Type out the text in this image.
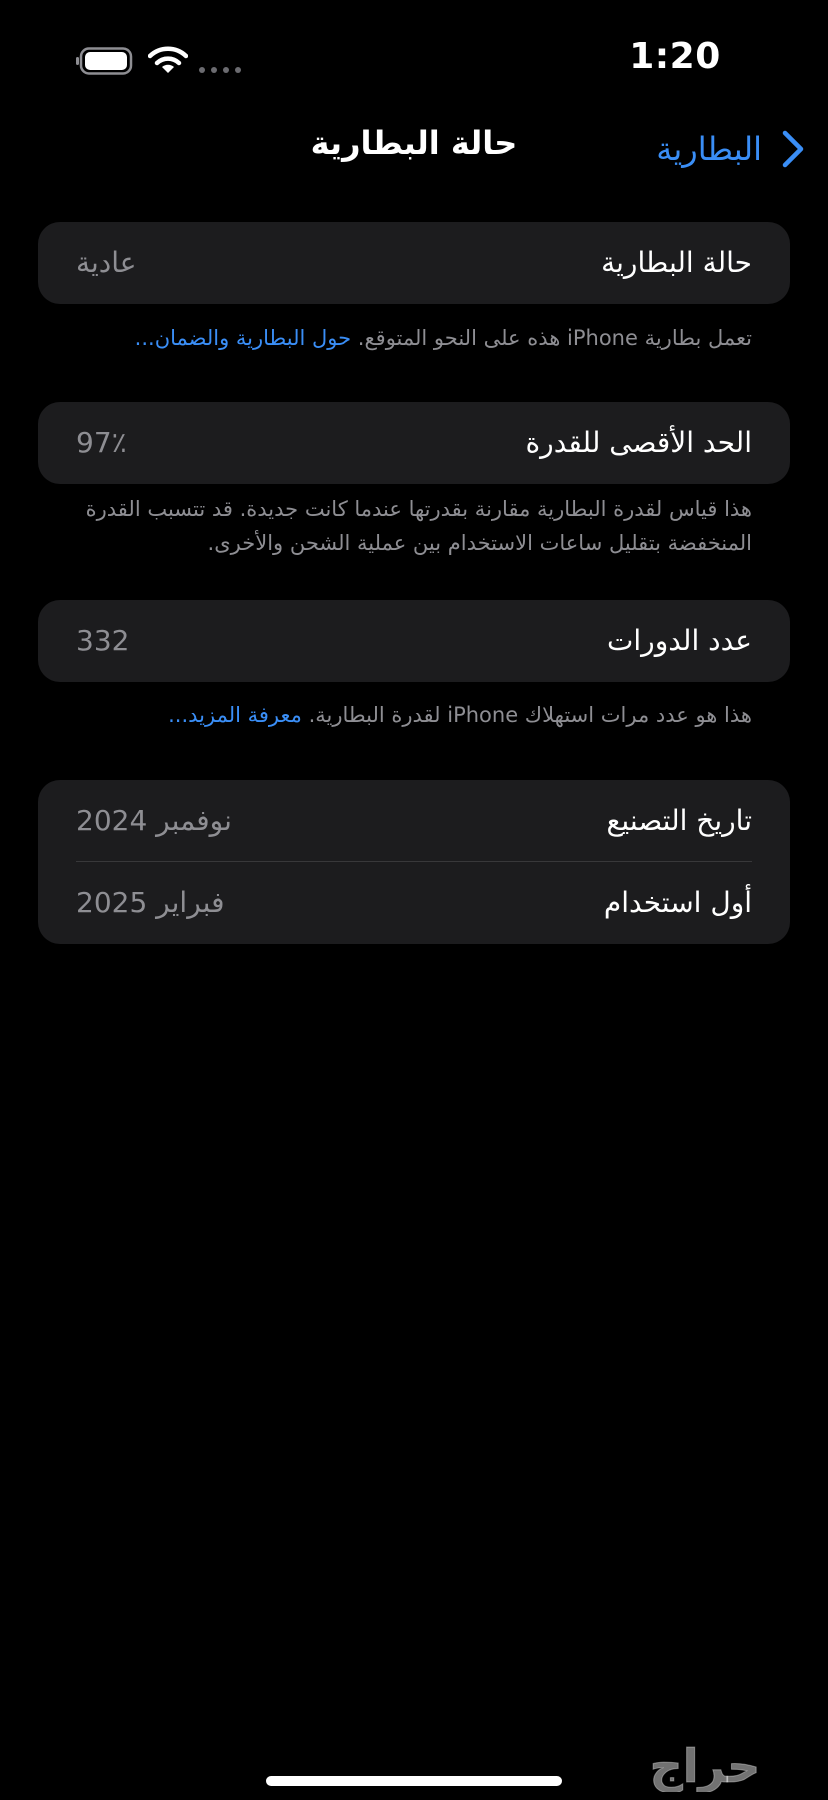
1:20
حالة البطارية	البطارية
حالة البطارية
عادية
تعمل بطارية iPhone هذه على النحو المتوقع. حول البطارية والضمان...
الحد الأقصى للقدرة
97٪
هذا قياس لقدرة البطارية مقارنة بقدرتها عندما كانت جديدة. قد تتسبب القدرة
المنخفضة بتقليل ساعات الاستخدام بين عملية الشحن والأخرى.
عدد الدورات
332
هذا هو عدد مرات استهلاك iPhone لقدرة البطارية. معرفة المزيد...
تاريخ التصنيع
نوفمبر 2024
أول استخدام
فبراير 2025
حراج
